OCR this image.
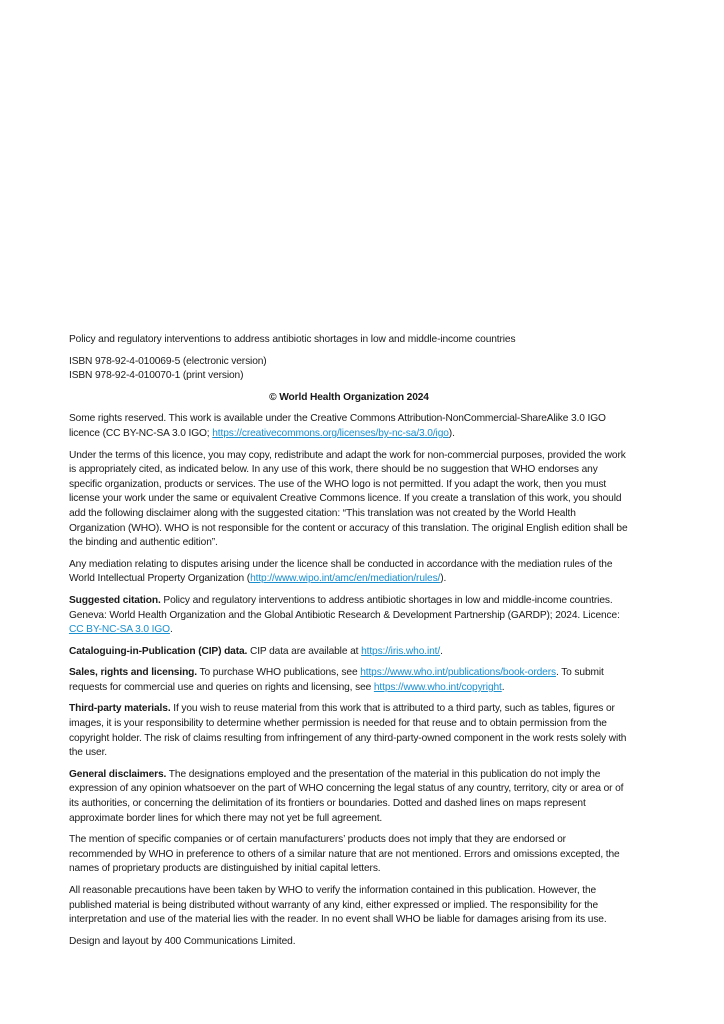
Policy and regulatory interventions to address antibiotic shortages in low and middle-income countries

ISBN 978-92-4-010069-5 (electronic version)
ISBN 978-92-4-010070-1 (print version)

© World Health Organization 2024

Some rights reserved. This work is available under the Creative Commons Attribution-NonCommercial-ShareAlike 3.0 IGO licence (CC BY-NC-SA 3.0 IGO; https://creativecommons.org/licenses/by-nc-sa/3.0/igo).

Under the terms of this licence, you may copy, redistribute and adapt the work for non-commercial purposes, provided the work is appropriately cited, as indicated below. In any use of this work, there should be no suggestion that WHO endorses any specific organization, products or services. The use of the WHO logo is not permitted. If you adapt the work, then you must license your work under the same or equivalent Creative Commons licence. If you create a translation of this work, you should add the following disclaimer along with the suggested citation: “This translation was not created by the World Health Organization (WHO). WHO is not responsible for the content or accuracy of this translation. The original English edition shall be the binding and authentic edition”.

Any mediation relating to disputes arising under the licence shall be conducted in accordance with the mediation rules of the World Intellectual Property Organization (http://www.wipo.int/amc/en/mediation/rules/).

Suggested citation. Policy and regulatory interventions to address antibiotic shortages in low and middle-income countries. Geneva: World Health Organization and the Global Antibiotic Research & Development Partnership (GARDP); 2024. Licence: CC BY-NC-SA 3.0 IGO.

Cataloguing-in-Publication (CIP) data. CIP data are available at https://iris.who.int/.

Sales, rights and licensing. To purchase WHO publications, see https://www.who.int/publications/book-orders. To submit requests for commercial use and queries on rights and licensing, see https://www.who.int/copyright.

Third-party materials. If you wish to reuse material from this work that is attributed to a third party, such as tables, figures or images, it is your responsibility to determine whether permission is needed for that reuse and to obtain permission from the copyright holder. The risk of claims resulting from infringement of any third-party-owned component in the work rests solely with the user.

General disclaimers. The designations employed and the presentation of the material in this publication do not imply the expression of any opinion whatsoever on the part of WHO concerning the legal status of any country, territory, city or area or of its authorities, or concerning the delimitation of its frontiers or boundaries. Dotted and dashed lines on maps represent approximate border lines for which there may not yet be full agreement.

The mention of specific companies or of certain manufacturers’ products does not imply that they are endorsed or recommended by WHO in preference to others of a similar nature that are not mentioned. Errors and omissions excepted, the names of proprietary products are distinguished by initial capital letters.

All reasonable precautions have been taken by WHO to verify the information contained in this publication. However, the published material is being distributed without warranty of any kind, either expressed or implied. The responsibility for the interpretation and use of the material lies with the reader. In no event shall WHO be liable for damages arising from its use.

Design and layout by 400 Communications Limited.
